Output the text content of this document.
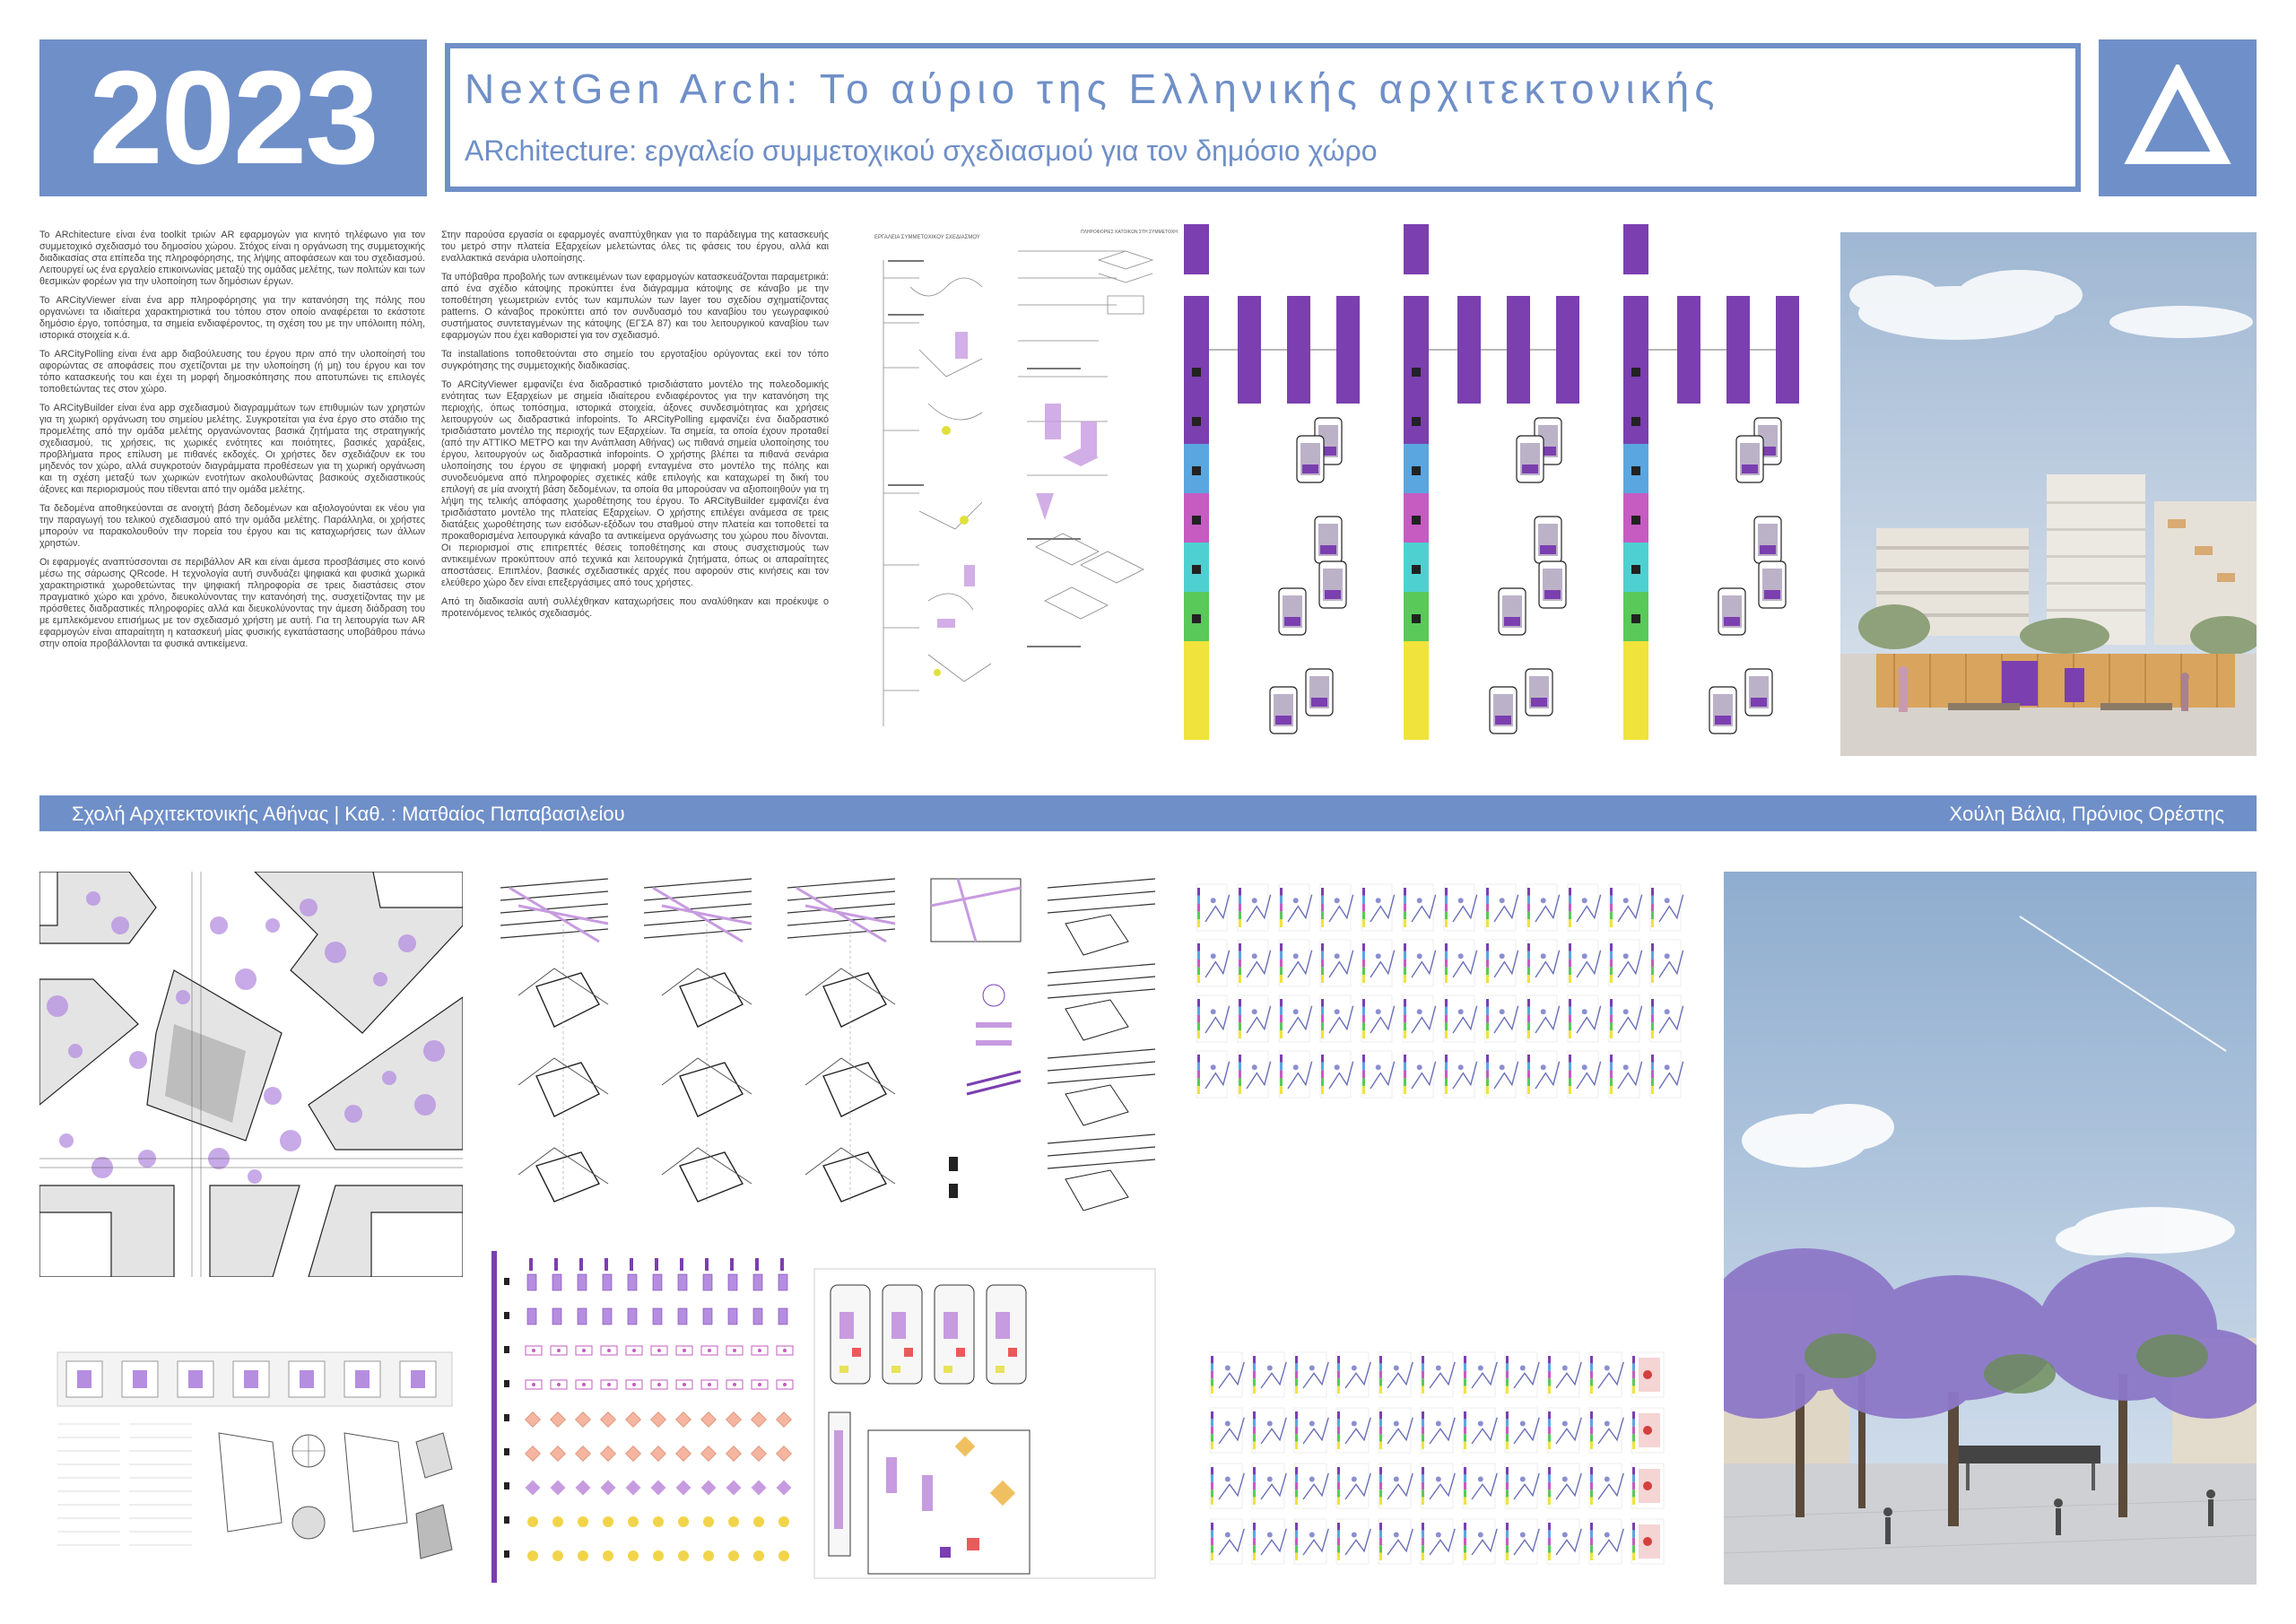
2023 NextGen Arch: Το αύριο της Ελληνικής αρχιτεκτονικής
ARchitecture: εργαλείο συμμετοχικού σχεδιασμού για τον δημόσιο χώρο

Το ARchitecture είναι ένα toolkit τριών AR εφαρμογών για κινητό τηλέφωνο για τον συμμετοχικό σχεδιασμό του δημοσίου χώρου. Στόχος είναι η οργάνωση της συμμετοχικής διαδικασίας στα επίπεδα της πληροφόρησης, της λήψης αποφάσεων και του σχεδιασμού. Λειτουργεί ως ένα εργαλείο επικοινωνίας μεταξύ της ομάδας μελέτης, των πολιτών και των θεσμικών φορέων για την υλοποίηση των δημόσιων έργων.

Το ARCityViewer είναι ένα app πληροφόρησης για την κατανόηση της πόλης που οργανώνει τα ιδιαίτερα χαρακτηριστικά του τόπου στον οποίο αναφέρεται το εκάστοτε δημόσιο έργο, τοπόσημα, τα σημεία ενδιαφέροντος, τη σχέση του με την υπόλοιπη πόλη, ιστορικά στοιχεία κ.ά.

Το ARCityPolling είναι ένα app διαβούλευσης του έργου πριν από την υλοποίησή του αφορώντας σε αποφάσεις που σχετίζονται με την υλοποίηση (ή μη) του έργου και τον τόπο κατασκευής του και έχει τη μορφή δημοσκόπησης που αποτυπώνει τις επιλογές τοποθετώντας τες στον χώρο.

Το ARCityBuilder είναι ένα app σχεδιασμού διαγραμμάτων των επιθυμιών των χρηστών για τη χωρική οργάνωση του σημείου μελέτης. Συγκροτείται για ένα έργο στο στάδιο της προμελέτης από την ομάδα μελέτης οργανώνοντας βασικά ζητήματα της στρατηγικής σχεδιασμού, τις χρήσεις, τις χωρικές ενότητες και ποιότητες, βασικές χαράξεις, προβλήματα προς επίλυση με πιθανές εκδοχές. Οι χρήστες δεν σχεδιάζουν εκ του μηδενός τον χώρο, αλλά συγκροτούν διαγράμματα προθέσεων για τη χωρική οργάνωση και τη σχέση μεταξύ των χωρικών ενοτήτων ακολουθώντας βασικούς σχεδιαστικούς άξονες και περιορισμούς που τίθενται από την ομάδα μελέτης.

Τα δεδομένα αποθηκεύονται σε ανοιχτή βάση δεδομένων και αξιολογούνται εκ νέου για την παραγωγή του τελικού σχεδιασμού από την ομάδα μελέτης. Παράλληλα, οι χρήστες μπορούν να παρακολουθούν την πορεία του έργου και τις καταχωρήσεις των άλλων χρηστών.

Οι εφαρμογές αναπτύσσονται σε περιβάλλον AR και είναι άμεσα προσβάσιμες στο κοινό μέσω της σάρωσης QRcode. Η τεχνολογία αυτή συνδυάζει ψηφιακά και φυσικά χωρικά χαρακτηριστικά χωροθετώντας την ψηφιακή πληροφορία σε τρεις διαστάσεις στον πραγματικό χώρο και χρόνο, διευκολύνοντας την κατανόησή της, συσχετίζοντας την με πρόσθετες διαδραστικές πληροφορίες αλλά και διευκολύνοντας την άμεση διάδραση του με εμπλεκόμενου επισήμως με τον σχεδιασμό χρήστη με αυτή. Για τη λειτουργία των AR εφαρμογών είναι απαραίτητη η κατασκευή μίας φυσικής εγκατάστασης υποβάθρου πάνω στην οποία προβάλλονται τα φυσικά αντικείμενα.

Στην παρούσα εργασία οι εφαρμογές αναπτύχθηκαν για το παράδειγμα της κατασκευής του μετρό στην πλατεία Εξαρχείων μελετώντας όλες τις φάσεις του έργου, αλλά και εναλλακτικά σενάρια υλοποίησης.

Τα υπόβαθρα προβολής των αντικειμένων των εφαρμογών κατασκευάζονται παραμετρικά: από ένα σχέδιο κάτοψης προκύπτει ένα διάγραμμα κάτοψης σε κάναβο με την τοποθέτηση γεωμετριών εντός των καμπυλών των layer του σχεδίου σχηματίζοντας patterns. Ο κάναβος προκύπτει από τον συνδυασμό του καναβίου του γεωγραφικού συστήματος συντεταγμένων της κάτοψης (ΕΓΣΑ 87) και του λειτουργικού καναβίου των εφαρμογών που έχει καθοριστεί για τον σχεδιασμό.

Τα installations τοποθετούνται στο σημείο του εργοταξίου ορύγοντας εκεί τον τόπο συγκρότησης της συμμετοχικής διαδικασίας.

Το ARCityViewer εμφανίζει ένα διαδραστικό τρισδιάστατο μοντέλο της πολεοδομικής ενότητας των Εξαρχείων με σημεία ιδιαίτερου ενδιαφέροντος για την κατανόηση της περιοχής, όπως τοπόσημα, ιστορικά στοιχεία, άξονες συνδεσιμότητας και χρήσεις λειτουργούν ως διαδραστικά infopoints. Το ARCityPolling εμφανίζει ένα διαδραστικό τρισδιάστατο μοντέλο της περιοχής των Εξαρχείων. Τα σημεία, τα οποία έχουν προταθεί (από την ΑΤΤΙΚΟ ΜΕΤΡΟ και την Ανάπλαση Αθήνας) ως πιθανά σημεία υλοποίησης του έργου, λειτουργούν ως διαδραστικά infopoints. Ο χρήστης βλέπει τα πιθανά σενάρια υλοποίησης του έργου σε ψηφιακή μορφή ενταγμένα στο μοντέλο της πόλης και συνοδευόμενα από πληροφορίες σχετικές κάθε επιλογής και καταχωρεί τη δική του επιλογή σε μία ανοιχτή βάση δεδομένων, τα οποία θα μπορούσαν να αξιοποιηθούν για τη λήψη της τελικής απόφασης χωροθέτησης του έργου. Το ARCityBuilder εμφανίζει ένα τρισδιάστατο μοντέλο της πλατείας Εξαρχείων. Ο χρήστης επιλέγει ανάμεσα σε τρεις διατάξεις χωροθέτησης των εισόδων-εξόδων του σταθμού στην πλατεία και τοποθετεί τα προκαθορισμένα λειτουργικά κάναβο τα αντικείμενα οργάνωσης του χώρου που δίνονται. Οι περιορισμοί στις επιτρεπτές θέσεις τοποθέτησης και στους συσχετισμούς των αντικειμένων προκύπτουν από τεχνικά και λειτουργικά ζητήματα, όπως οι απαραίτητες αποστάσεις. Επιπλέον, βασικές σχεδιαστικές αρχές που αφορούν στις κινήσεις και τον ελεύθερο χώρο δεν είναι επεξεργάσιμες από τους χρήστες.

Από τη διαδικασία αυτή συλλέχθηκαν καταχωρήσεις που αναλύθηκαν και προέκυψε ο προτεινόμενος τελικός σχεδιασμός.

ΕΡΓΑΛΕΙΑ ΣΥΜΜΕΤΟΧΙΚΟΥ ΣΧΕΔΙΑΣΜΟΥ
ΠΛΗΡΟΦΟΡΙΕΣ ΚΑΤΟΙΚΩΝ ΣΤΗ ΣΥΜΜΕΤΟΧΗ
Σχολή Αρχιτεκτονικής Αθήνας | Καθ. : Ματθαίος Παπαβασιλείου	Χούλη Βάλια, Πρόνιος Ορέστης
